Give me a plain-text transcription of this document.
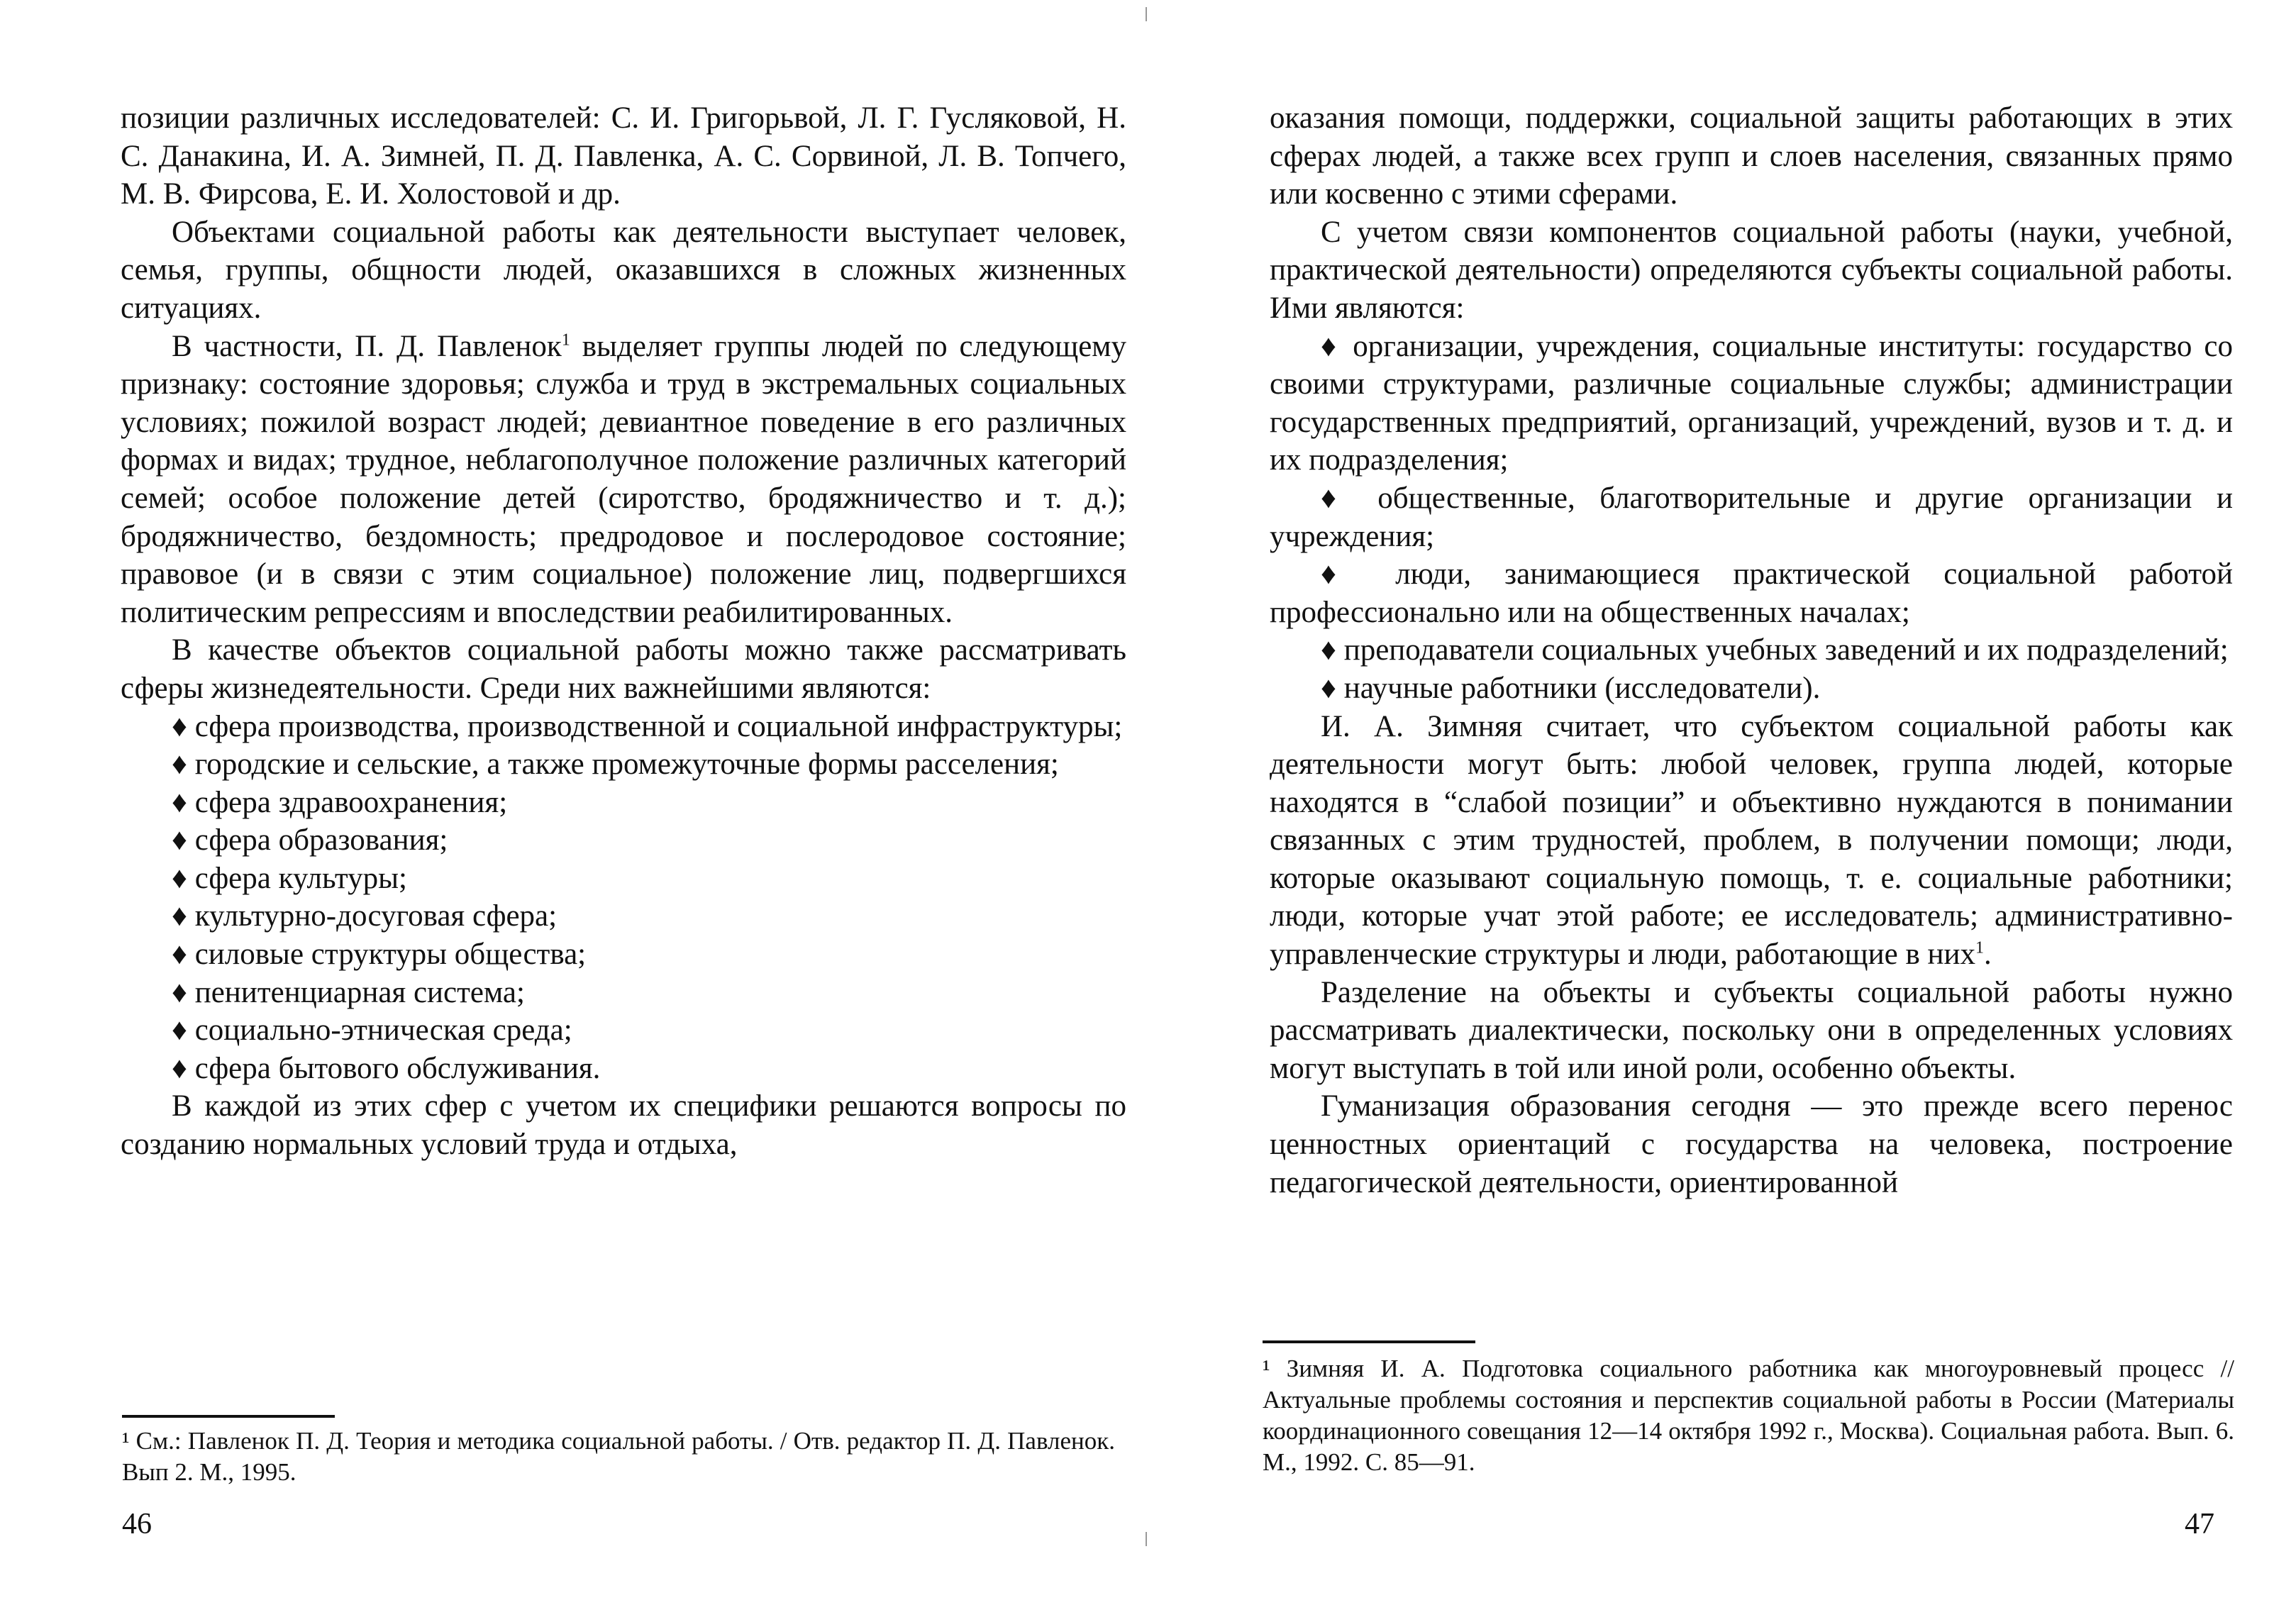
позиции различных исследователей: С. И. Григорьвой, Л. Г. Гусляковой, Н. С. Данакина, И. А. Зимней, П. Д. Павленка, А. С. Сорвиной, Л. В. Топчего, М. В. Фирсова, Е. И. Холостовой и др.

Объектами социальной работы как деятельности выступает человек, семья, группы, общности людей, оказавшихся в сложных жизненных ситуациях.

В частности, П. Д. Павленок$^1$ выделяет группы людей по следующему признаку: состояние здоровья; служба и труд в экстремальных социальных условиях; пожилой возраст людей; девиантное поведение в его различных формах и видах; трудное, неблагополучное положение различных категорий семей; особое положение детей (сиротство, бродяжничество и т. д.); бродяжничество, бездомность; предродовое и послеродовое состояние; правовое (и в связи с этим социальное) положение лиц, подвергшихся политическим репрессиям и впоследствии реабилитированных.

В качестве объектов социальной работы можно также рассматривать сферы жизнедеятельности. Среди них важнейшими являются:

♦ сфера производства, производственной и социальной инфраструктуры;

♦ городские и сельские, а также промежуточные формы расселения;

♦ сфера здравоохранения;

♦ сфера образования;

♦ сфера культуры;

♦ культурно-досуговая сфера;

♦ силовые структуры общества;

♦ пенитенциарная система;

♦ социально-этническая среда;

♦ сфера бытового обслуживания.

В каждой из этих сфер с учетом их специфики решаются вопросы по созданию нормальных условий труда и отдыха,

¹ См.: Павленок П. Д. Теория и методика социальной работы. / Отв. редактор П. Д. Павленок. Вып 2. М., 1995.

46

оказания помощи, поддержки, социальной защиты работающих в этих сферах людей, а также всех групп и слоев населения, связанных прямо или косвенно с этими сферами.

С учетом связи компонентов социальной работы (науки, учебной, практической деятельности) определяются субъекты социальной работы. Ими являются:

♦ организации, учреждения, социальные институты: государство со своими структурами, различные социальные службы; администрации государственных предприятий, организаций, учреждений, вузов и т. д. и их подразделения;

♦ общественные, благотворительные и другие организации и учреждения;

♦ люди, занимающиеся практической социальной работой профессионально или на общественных началах;

♦ преподаватели социальных учебных заведений и их подразделений;

♦ научные работники (исследователи).

И. А. Зимняя считает, что субъектом социальной работы как деятельности могут быть: любой человек, группа людей, которые находятся в “слабой позиции” и объективно нуждаются в понимании связанных с этим трудностей, проблем, в получении помощи; люди, которые оказывают социальную помощь, т. е. социальные работники; люди, которые учат этой работе; ее исследователь; административно-управленческие структуры и люди, работающие в них$^1$.

Разделение на объекты и субъекты социальной работы нужно рассматривать диалектически, поскольку они в определенных условиях могут выступать в той или иной роли, особенно объекты.

Гуманизация образования сегодня — это прежде всего перенос ценностных ориентаций с государства на человека, построение педагогической деятельности, ориентированной

¹ Зимняя И. А. Подготовка социального работника как многоуровневый процесс // Актуальные проблемы состояния и перспектив социальной работы в России (Материалы координационного совещания 12—14 октября 1992 г., Москва). Социальная работа. Вып. 6. М., 1992. С. 85—91.

47
